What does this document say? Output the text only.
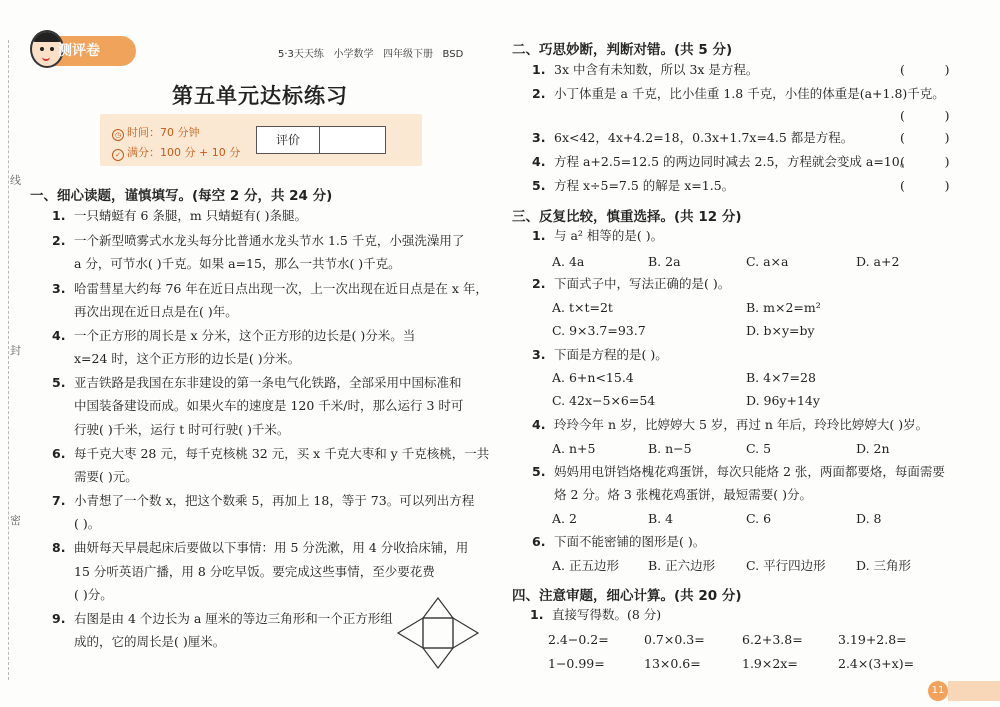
线
封
密
测评卷	5·3天天练 小学数学 四年级下册 BSD
第五单元达标练习
◷ 时间：70 分钟
✓ 满分：100 分 + 10 分
评价
一、细心读题，谨慎填写。(每空 2 分，共 24 分)
1. 一只蜻蜓有 6 条腿，m 只蜻蜓有( )条腿。
2. 一个新型喷雾式水龙头每分比普通水龙头节水 1.5 千克，小强洗澡用了
a 分，可节水( )千克。如果 a=15，那么一共节水( )千克。
3. 哈雷彗星大约每 76 年在近日点出现一次，上一次出现在近日点是在 x 年，
再次出现在近日点是在( )年。
4. 一个正方形的周长是 x 分米，这个正方形的边长是( )分米。当
x=24 时，这个正方形的边长是( )分米。
5. 亚吉铁路是我国在东非建设的第一条电气化铁路，全部采用中国标准和
中国装备建设而成。如果火车的速度是 120 千米/时，那么运行 3 时可
行驶( )千米，运行 t 时可行驶( )千米。
6. 每千克大枣 28 元，每千克核桃 32 元，买 x 千克大枣和 y 千克核桃，一共
需要( )元。
7. 小青想了一个数 x，把这个数乘 5，再加上 18，等于 73。可以列出方程
( )。
8. 曲妍每天早晨起床后要做以下事情：用 5 分洗漱，用 4 分收拾床铺，用
15 分听英语广播，用 8 分吃早饭。要完成这些事情，至少要花费
( )分。
9. 右图是由 4 个边长为 a 厘米的等边三角形和一个正方形组
成的，它的周长是( )厘米。
二、巧思妙断，判断对错。(共 5 分)
1. 3x 中含有未知数，所以 3x 是方程。	(          )
2. 小丁体重是 a 千克，比小佳重 1.8 千克，小佳的体重是(a+1.8)千克。
(          )
3. 6x<42，4x+4.2=18，0.3x+1.7x=4.5 都是方程。	(          )
4. 方程 a+2.5=12.5 的两边同时减去 2.5，方程就会变成 a=10。
(          )
5. 方程 x÷5=7.5 的解是 x=1.5。	(          )
三、反复比较，慎重选择。(共 12 分)
1. 与 a² 相等的是( )。
A. 4a	B. 2a	C. a×a	D. a+2
2. 下面式子中，写法正确的是( )。
A. t×t=2t	B. m×2=m²
C. 9×3.7=93.7	D. b×y=by
3. 下面是方程的是( )。
A. 6+n<15.4	B. 4×7=28
C. 42x−5×6=54	D. 96y+14y
4. 玲玲今年 n 岁，比婷婷大 5 岁，再过 n 年后，玲玲比婷婷大( )岁。
A. n+5	B. n−5	C. 5	D. 2n
5. 妈妈用电饼铛烙槐花鸡蛋饼，每次只能烙 2 张，两面都要烙，每面需要
烙 2 分。烙 3 张槐花鸡蛋饼，最短需要( )分。
A. 2	B. 4	C. 6	D. 8
6. 下面不能密铺的图形是( )。
A. 正五边形 B. 正六边形 C. 平行四边形 D. 三角形
四、注意审题，细心计算。(共 20 分)
1. 直接写得数。(8 分)
2.4−0.2=	0.7×0.3=	6.2+3.8=	3.19+2.8=
1−0.99=	13×0.6=	1.9×2x=	2.4×(3+x)=
11
